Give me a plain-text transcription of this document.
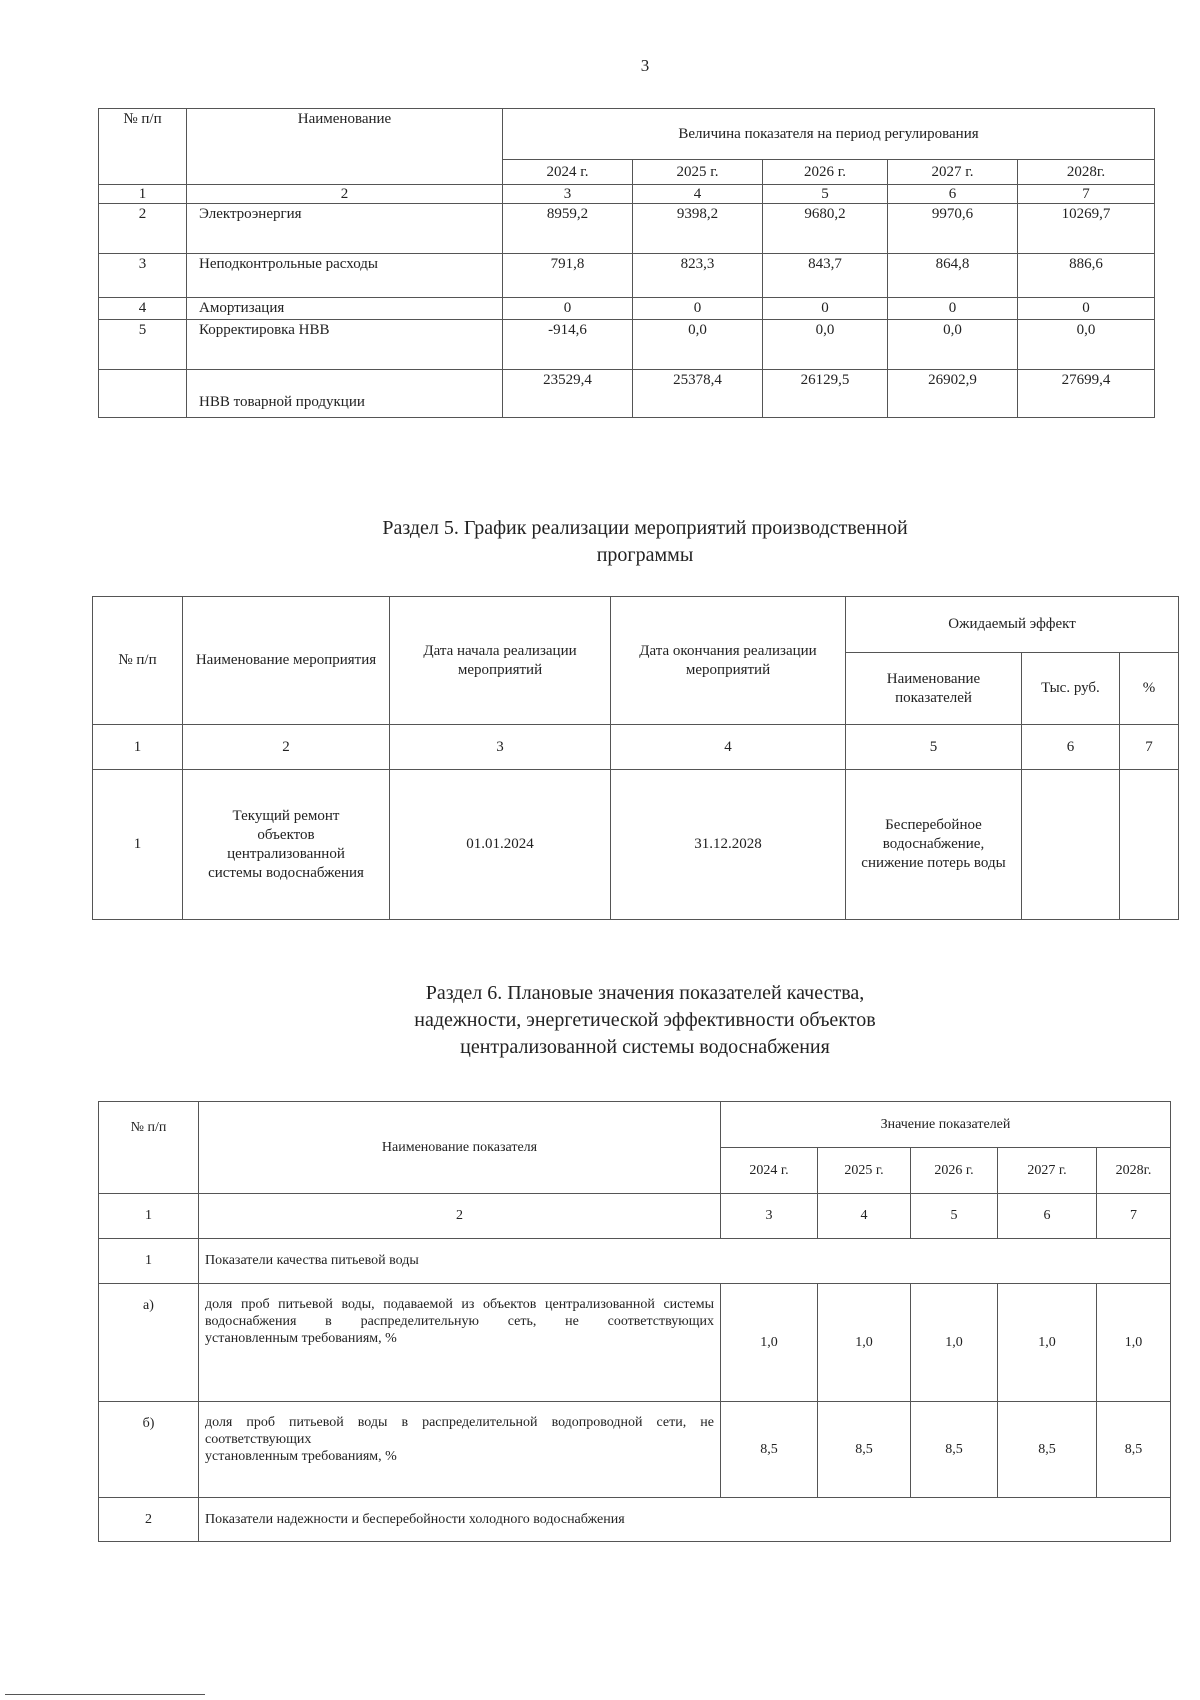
3
№ п/п	Наименование	Величина показателя на период регулирования				
		2024 г.	2025 г.	2026 г.	2027 г.	2028г.
1	2	3	4	5	6	7
2	Электроэнергия	8959,2	9398,2	9680,2	9970,6	10269,7
3	Неподконтрольные расходы	791,8	823,3	843,7	864,8	886,6
4	Амортизация	0	0	0	0	0
5	Корректировка НВВ	-914,6	0,0	0,0	0,0	0,0
	НВВ товарной продукции	23529,4	25378,4	26129,5	26902,9	27699,4
Раздел 5. График реализации мероприятий производственной
программы
№ п/п	Наименование мероприятия	Дата начала реализации мероприятий	Дата окончания реализации мероприятий	Ожидаемый эффект		
				Наименование показателей	Тыс. руб.	%
1	2	3	4	5	6	7
1	Текущий ремонт объектов централизованной системы водоснабжения	01.01.2024	31.12.2028	Бесперебойное водоснабжение, снижение потерь воды		
Раздел 6. Плановые значения показателей качества,
надежности, энергетической эффективности объектов
централизованной системы водоснабжения
№ п/п	Наименование показателя	Значение показателей				
		2024 г.	2025 г.	2026 г.	2027 г.	2028г.
1	2	3	4	5	6	7
1	Показатели качества питьевой воды					
а)	доля проб питьевой воды, подаваемой из объектов централизованной системы водоснабжения в распределительную сеть, не соответствующих
установленным требованиям, %	1,0	1,0	1,0	1,0	1,0
б)	доля проб питьевой воды в распределительной водопроводной сети, не соответствующих
установленным требованиям, %	8,5	8,5	8,5	8,5	8,5
2	Показатели надежности и бесперебойности холодного водоснабжения					
